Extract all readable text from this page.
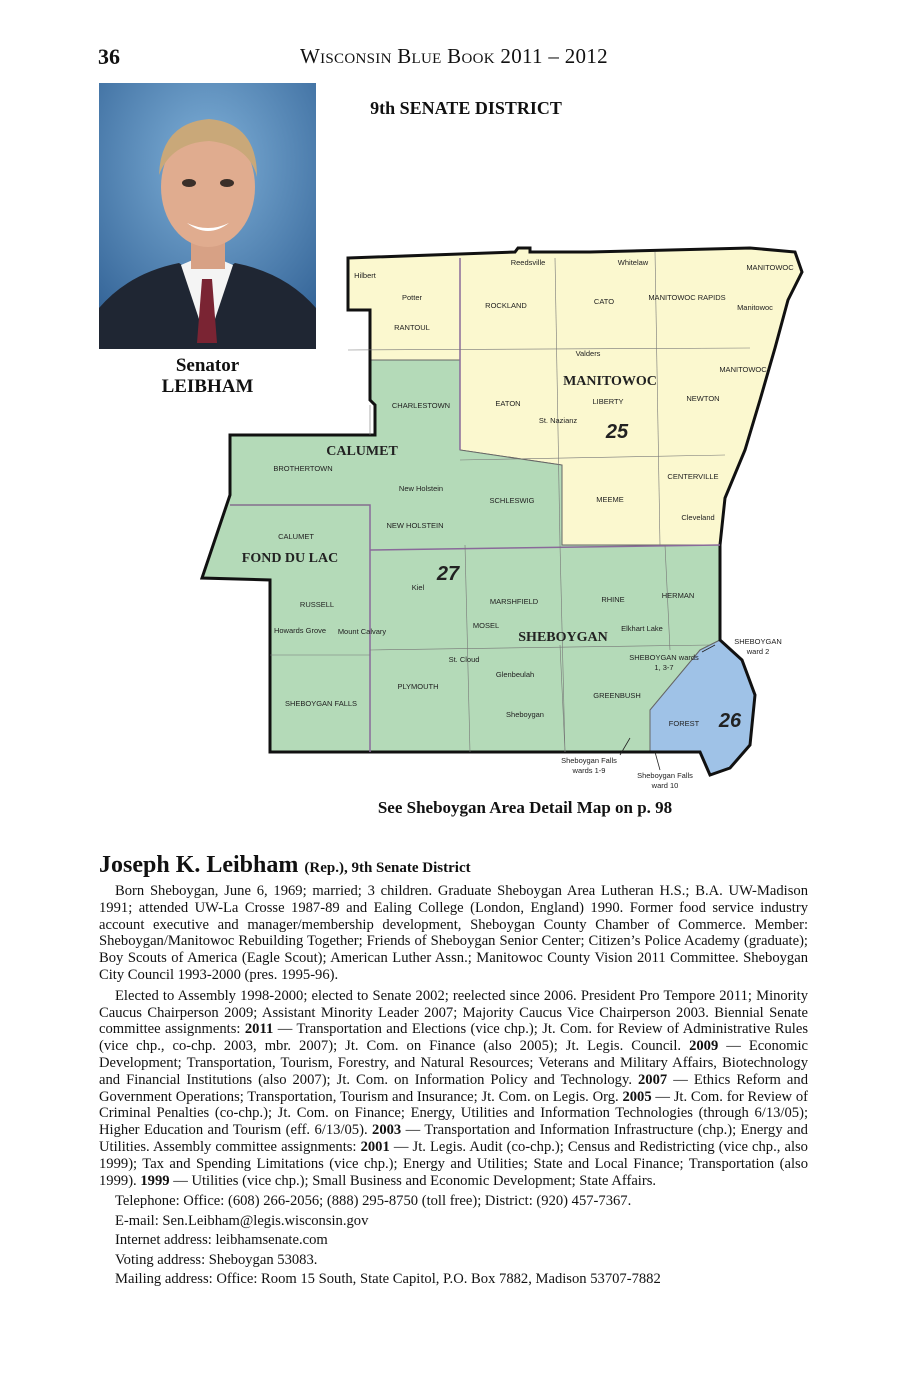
36	Wisconsin Blue Book 2011 – 2012
Senator
LEIBHAM
9th SENATE DISTRICT
CALUMET
MANITOWOC
FOND DU LAC
SHEBOYGAN
25
27
26
Reedsville	Whitelaw
MANITOWOC
Hilbert
Potter
ROCKLAND	CATO	MANITOWOC RAPIDS
Manitowoc
RANTOUL
Valders
MANITOWOC
CHARLESTOWN	EATON	LIBERTY	NEWTON
St. Nazianz
BROTHERTOWN
New Holstein
SCHLESWIG	MEEME
CENTERVILLE
Cleveland
CALUMET
NEW HOLSTEIN
Kiel
RUSSELL	MARSHFIELD	RHINE	HERMAN
MOSEL	Elkhart Lake
Howards Grove Mount Calvary
St. Cloud
Glenbeulah
PLYMOUTH
GREENBUSH
SHEBOYGAN FALLS
Sheboygan
FOREST
SHEBOYGAN
ward 2
SHEBOYGAN wards
1, 3-7
Sheboygan Falls
wards 1-9
Sheboygan Falls
ward 10
See Sheboygan Area Detail Map on p. 98
Joseph K. Leibham (Rep.), 9th Senate District

Born Sheboygan, June 6, 1969; married; 3 children. Graduate Sheboygan Area Lutheran H.S.; B.A. UW-Madison 1991; attended UW-La Crosse 1987-89 and Ealing College (London, England) 1990. Former food service industry account executive and manager/membership development, Sheboygan County Chamber of Commerce. Member: Sheboygan/Manitowoc Rebuilding Together; Friends of Sheboygan Senior Center; Citizen’s Police Academy (graduate); Boy Scouts of America (Eagle Scout); American Luther Assn.; Manitowoc County Vision 2011 Committee. Sheboygan City Council 1993-2000 (pres. 1995-96).

Elected to Assembly 1998-2000; elected to Senate 2002; reelected since 2006. President Pro Tempore 2011; Minority Caucus Chairperson 2009; Assistant Minority Leader 2007; Majority Caucus Vice Chairperson 2003. Biennial Senate committee assignments: 2011 — Transportation and Elections (vice chp.); Jt. Com. for Review of Administrative Rules (vice chp., co-chp. 2003, mbr. 2007); Jt. Com. on Finance (also 2005); Jt. Legis. Council. 2009 — Economic Development; Transportation, Tourism, Forestry, and Natural Resources; Veterans and Military Affairs, Biotechnology and Financial Institutions (also 2007); Jt. Com. on Information Policy and Technology. 2007 — Ethics Reform and Government Operations; Transportation, Tourism and Insurance; Jt. Com. on Legis. Org. 2005 — Jt. Com. for Review of Criminal Penalties (co-chp.); Jt. Com. on Finance; Energy, Utilities and Information Technologies (through 6/13/05); Higher Education and Tourism (eff. 6/13/05). 2003 — Transportation and Information Infrastructure (chp.); Energy and Utilities. Assembly committee assignments: 2001 — Jt. Legis. Audit (co-chp.); Census and Redistricting (vice chp., also 1999); Tax and Spending Limitations (vice chp.); Energy and Utilities; State and Local Finance; Transportation (also 1999). 1999 — Utilities (vice chp.); Small Business and Economic Development; State Affairs.

Telephone: Office: (608) 266-2056; (888) 295-8750 (toll free); District: (920) 457-7367.
E-mail: Sen.Leibham@legis.wisconsin.gov
Internet address: leibhamsenate.com
Voting address: Sheboygan 53083.
Mailing address: Office: Room 15 South, State Capitol, P.O. Box 7882, Madison 53707-7882
